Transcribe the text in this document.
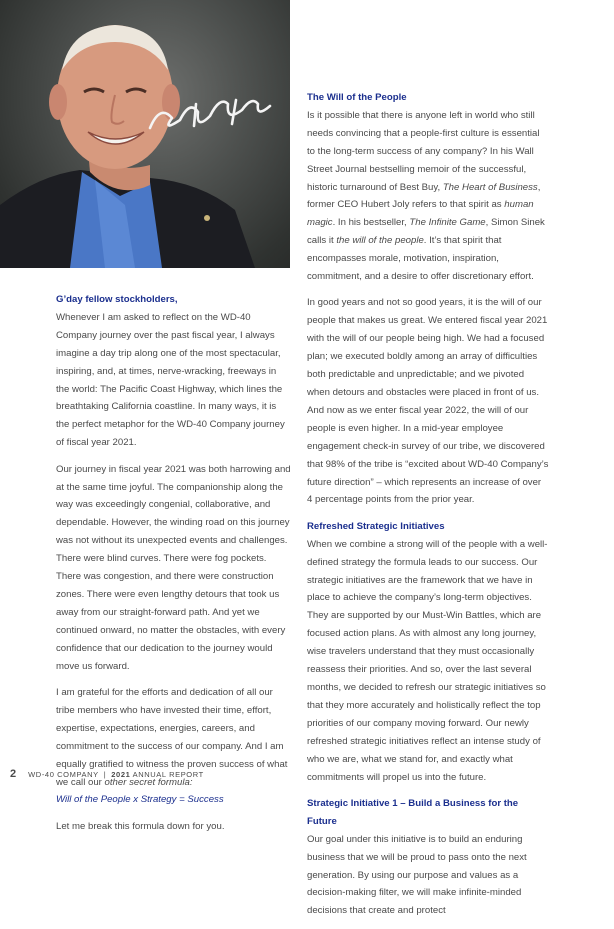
G’day fellow stockholders,

Whenever I am asked to reflect on the WD-40 Company journey over the past fiscal year, I always imagine a day trip along one of the most spectacular, inspiring, and, at times, nerve-wracking, freeways in the world: The Pacific Coast Highway, which lines the breathtaking California coastline. In many ways, it is the perfect metaphor for the WD-40 Company journey of fiscal year 2021.

Our journey in fiscal year 2021 was both harrowing and at the same time joyful. The companionship along the way was exceedingly congenial, collaborative, and dependable. However, the winding road on this journey was not without its unexpected events and challenges. There were blind curves. There were fog pockets. There was congestion, and there were construction zones. There were even lengthy detours that took us away from our straight-forward path. And yet we continued onward, no matter the obstacles, with every confidence that our dedication to the journey would move us forward.

I am grateful for the efforts and dedication of all our tribe members who have invested their time, effort, expertise, expectations, energies, careers, and commitment to the success of our company. And I am equally gratified to witness the proven success of what we call our other secret formula:

Will of the People x Strategy = Success

Let me break this formula down for you.

The Will of the People

Is it possible that there is anyone left in world who still needs convincing that a people-first culture is essential to the long-term success of any company? In his Wall Street Journal bestselling memoir of the successful, historic turnaround of Best Buy, The Heart of Business, former CEO Hubert Joly refers to that spirit as human magic. In his bestseller, The Infinite Game, Simon Sinek calls it the will of the people. It’s that spirit that encompasses morale, motivation, inspiration, commitment, and a desire to offer discretionary effort.

In good years and not so good years, it is the will of our people that makes us great. We entered fiscal year 2021 with the will of our people being high. We had a focused plan; we executed boldly among an array of difficulties both predictable and unpredictable; and we pivoted when detours and obstacles were placed in front of us. And now as we enter fiscal year 2022, the will of our people is even higher. In a mid-year employee engagement check-in survey of our tribe, we discovered that 98% of the tribe is “excited about WD-40 Company’s future direction” – which represents an increase of over 4 percentage points from the prior year.

Refreshed Strategic Initiatives

When we combine a strong will of the people with a well-defined strategy the formula leads to our success. Our strategic initiatives are the framework that we have in place to achieve the company’s long-term objectives. They are supported by our Must-Win Battles, which are focused action plans. As with almost any long journey, wise travelers understand that they must occasionally reassess their priorities. And so, over the last several months, we decided to refresh our strategic initiatives so that they more accurately and holistically reflect the top priorities of our company moving forward. Our newly refreshed strategic initiatives reflect an intense study of who we are, what we stand for, and exactly what commitments will propel us into the future.

Strategic Initiative 1 – Build a Business for the Future

Our goal under this initiative is to build an enduring business that we will be proud to pass onto the next generation. By using our purpose and values as a decision-making filter, we will make infinite-minded decisions that create and protect

2 WD-40 COMPANY | 2021 ANNUAL REPORT
